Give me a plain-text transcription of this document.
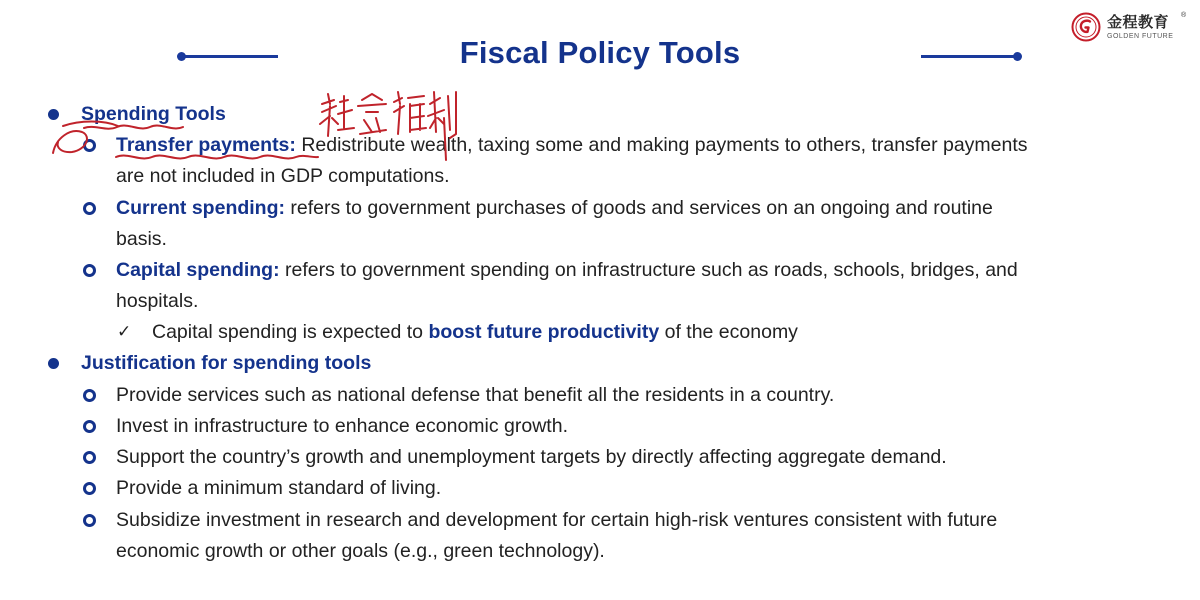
Fiscal Policy Tools
金程教育 ®
GOLDEN FUTURE
Spending Tools
Transfer payments: Redistribute wealth, taxing some and making payments to others, transfer payments
are not included in GDP computations.
Current spending: refers to government purchases of goods and services on an ongoing and routine
basis.
Capital spending: refers to government spending on infrastructure such as roads, schools, bridges, and
hospitals.
✓ Capital spending is expected to boost future productivity of the economy
Justification for spending tools
Provide services such as national defense that benefit all the residents in a country.
Invest in infrastructure to enhance economic growth.
Support the country’s growth and unemployment targets by directly affecting aggregate demand.
Provide a minimum standard of living.
Subsidize investment in research and development for certain high-risk ventures consistent with future
economic growth or other goals (e.g., green technology).
